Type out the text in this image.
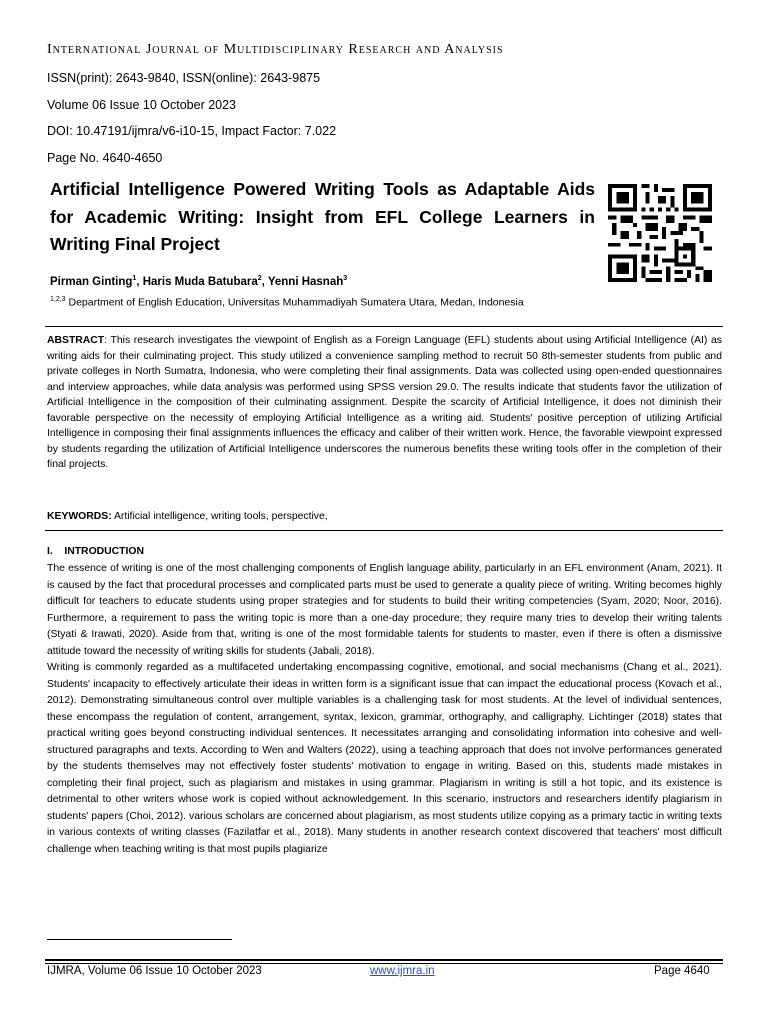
International Journal of Multidisciplinary Research and Analysis
ISSN(print): 2643-9840, ISSN(online): 2643-9875
Volume 06 Issue 10 October 2023
DOI: 10.47191/ijmra/v6-i10-15, Impact Factor: 7.022
Page No. 4640-4650
Artificial Intelligence Powered Writing Tools as Adaptable Aids for Academic Writing: Insight from EFL College Learners in Writing Final Project
Pirman Ginting$^1$, Haris Muda Batubara$^2$, Yenni Hasnah$^3$
$^{1,2,3}$ Department of English Education, Universitas Muhammadiyah Sumatera Utara, Medan, Indonesia
ABSTRACT: This research investigates the viewpoint of English as a Foreign Language (EFL) students about using Artificial Intelligence (AI) as writing aids for their culminating project. This study utilized a convenience sampling method to recruit 50 8th-semester students from public and private colleges in North Sumatra, Indonesia, who were completing their final assignments. Data was collected using open-ended questionnaires and interview approaches, while data analysis was performed using SPSS version 29.0. The results indicate that students favor the utilization of Artificial Intelligence in the composition of their culminating assignment. Despite the scarcity of Artificial Intelligence, it does not diminish their favorable perspective on the necessity of employing Artificial Intelligence as a writing aid. Students' positive perception of utilizing Artificial Intelligence in composing their final assignments influences the efficacy and caliber of their written work. Hence, the favorable viewpoint expressed by students regarding the utilization of Artificial Intelligence underscores the numerous benefits these writing tools offer in the completion of their final projects.
KEYWORDS: Artificial intelligence, writing tools, perspective,
I.    INTRODUCTION

The essence of writing is one of the most challenging components of English language ability, particularly in an EFL environment (Anam, 2021). It is caused by the fact that procedural processes and complicated parts must be used to generate a quality piece of writing. Writing becomes highly difficult for teachers to educate students using proper strategies and for students to build their writing competencies (Syam, 2020; Noor, 2016). Furthermore, a requirement to pass the writing topic is more than a one-day procedure; they require many tries to develop their writing talents (Styati & Irawati, 2020). Aside from that, writing is one of the most formidable talents for students to master, even if there is often a dismissive attitude toward the necessity of writing skills for students (Jabali, 2018).

Writing is commonly regarded as a multifaceted undertaking encompassing cognitive, emotional, and social mechanisms (Chang et al., 2021). Students' incapacity to effectively articulate their ideas in written form is a significant issue that can impact the educational process (Kovach et al., 2012). Demonstrating simultaneous control over multiple variables is a challenging task for most students. At the level of individual sentences, these encompass the regulation of content, arrangement, syntax, lexicon, grammar, orthography, and calligraphy. Lichtinger (2018) states that practical writing goes beyond constructing individual sentences. It necessitates arranging and consolidating information into cohesive and well-structured paragraphs and texts. According to Wen and Walters (2022), using a teaching approach that does not involve performances generated by the students themselves may not effectively foster students' motivation to engage in writing. Based on this, students made mistakes in completing their final project, such as plagiarism and mistakes in using grammar. Plagiarism in writing is still a hot topic, and its existence is detrimental to other writers whose work is copied without acknowledgement. In this scenario, instructors and researchers identify plagiarism in students' papers (Choi, 2012). various scholars are concerned about plagiarism, as most students utilize copying as a primary tactic in writing texts in various contexts of writing classes (Fazilatfar et al., 2018). Many students in another research context discovered that teachers' most difficult challenge when teaching writing is that most pupils plagiarize

IJMRA, Volume 06 Issue 10 October 2023	www.ijmra.in	Page 4640
